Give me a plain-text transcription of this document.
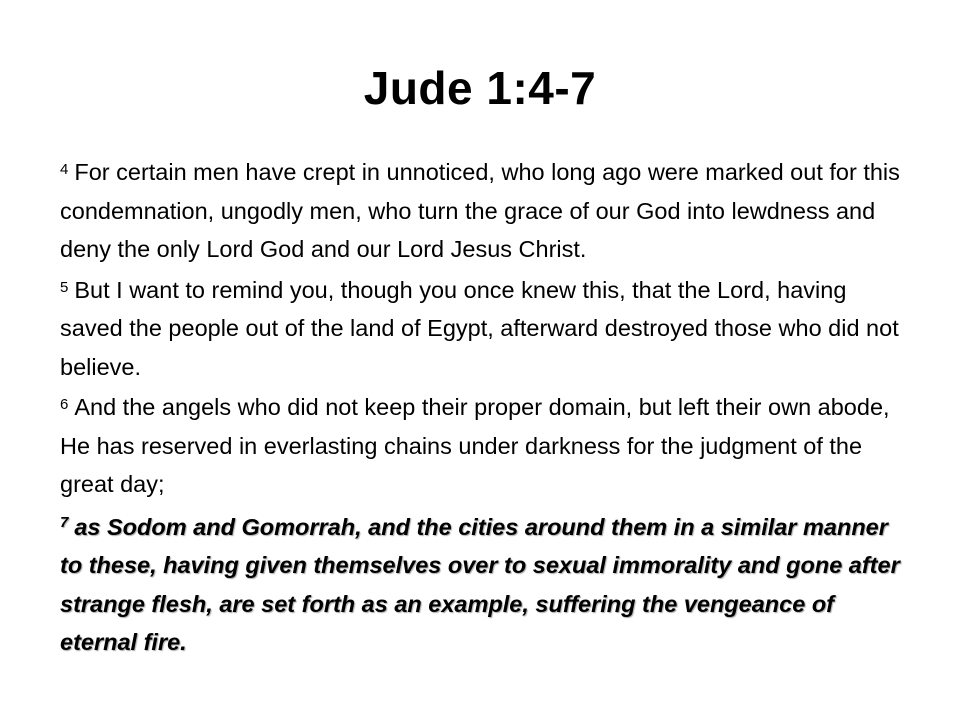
Jude 1:4-7
$^4$ For certain men have crept in unnoticed, who long ago were marked out for this condemnation, ungodly men, who turn the grace of our God into lewdness and deny the only Lord God and our Lord Jesus Christ.
$^5$ But I want to remind you, though you once knew this, that the Lord, having saved the people out of the land of Egypt, afterward destroyed those who did not believe.
$^6$ And the angels who did not keep their proper domain, but left their own abode, He has reserved in everlasting chains under darkness for the judgment of the great day;
$^7$ as Sodom and Gomorrah, and the cities around them in a similar manner to these, having given themselves over to sexual immorality and gone after strange flesh, are set forth as an example, suffering the vengeance of eternal fire.
